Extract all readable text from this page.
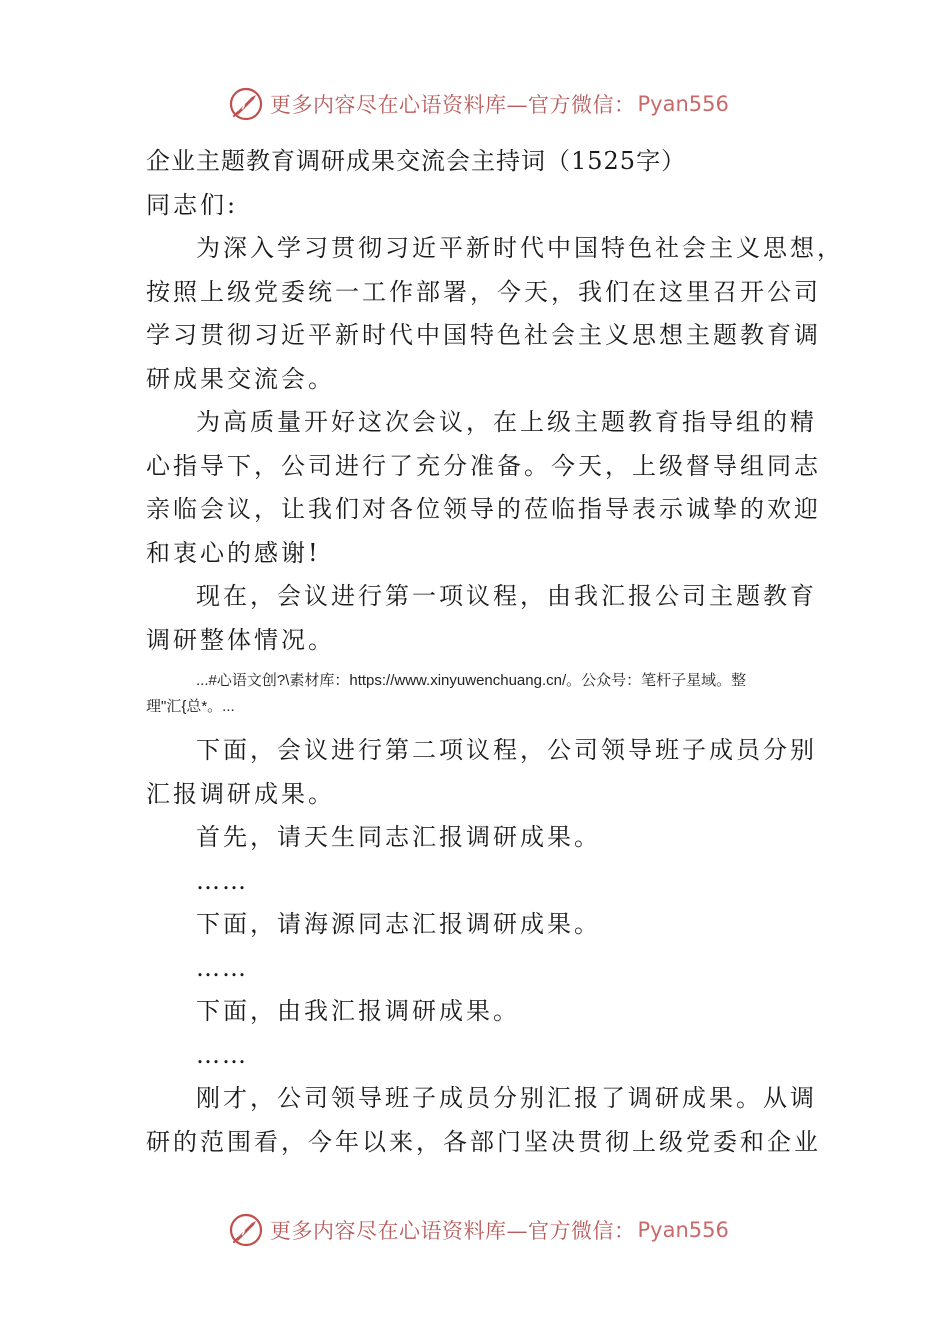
更多内容尽在心语资料库—官方微信： Pyan556
企业主题教育调研成果交流会主持词（1525字）
同志们:
为深入学习贯彻习近平新时代中国特色社会主义思想，
按照上级党委统一工作部署，今天，我们在这里召开公司
学习贯彻习近平新时代中国特色社会主义思想主题教育调
研成果交流会。
为高质量开好这次会议，在上级主题教育指导组的精
心指导下，公司进行了充分准备。今天，上级督导组同志
亲临会议，让我们对各位领导的莅临指导表示诚挚的欢迎
和衷心的感谢!
现在，会议进行第一项议程，由我汇报公司主题教育
调研整体情况。
...#心语文创?\素材库：https://www.xinyuwenchuang.cn/。公众号：笔杆子星域。整
理"汇{总*。...
下面，会议进行第二项议程，公司领导班子成员分别
汇报调研成果。
首先，请天生同志汇报调研成果。
……
下面，请海源同志汇报调研成果。
……
下面，由我汇报调研成果。
……
刚才，公司领导班子成员分别汇报了调研成果。从调
研的范围看，今年以来，各部门坚决贯彻上级党委和企业
更多内容尽在心语资料库—官方微信： Pyan556
